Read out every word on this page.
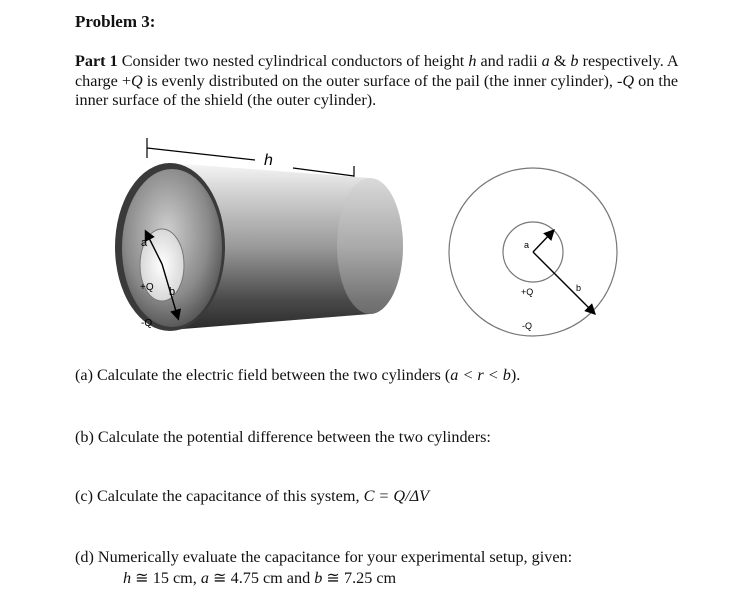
Problem 3:
Part 1 Consider two nested cylindrical conductors of height h and radii a & b respectively. A charge +Q is evenly distributed on the outer surface of the pail (the inner cylinder), -Q on the inner surface of the shield (the outer cylinder).
h
a
b
+Q
-Q
a
b
+Q
-Q
(a) Calculate the electric field between the two cylinders (a < r < b).
(b) Calculate the potential difference between the two cylinders:
(c) Calculate the capacitance of this system, C = Q/ΔV
(d) Numerically evaluate the capacitance for your experimental setup, given:
h ≅ 15 cm, a ≅ 4.75 cm and b ≅ 7.25 cm
